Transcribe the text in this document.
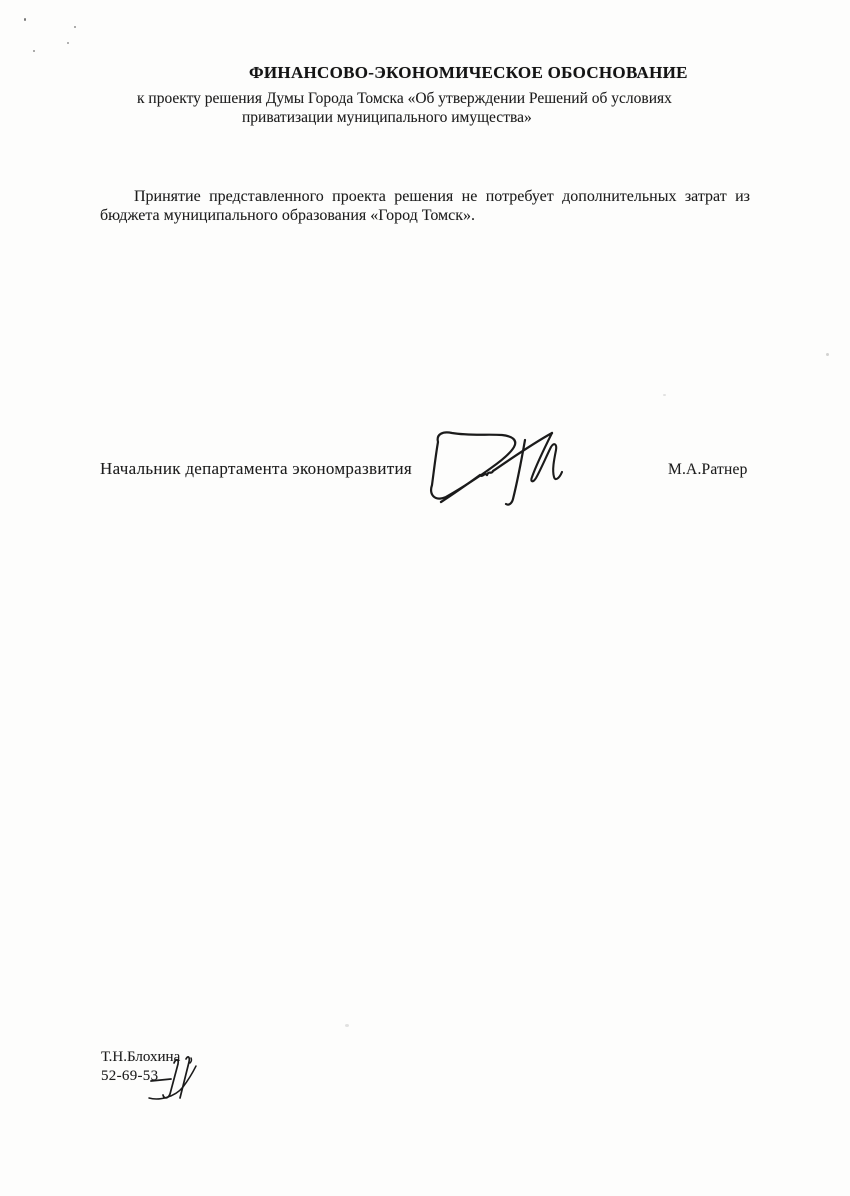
ФИНАНСОВО-ЭКОНОМИЧЕСКОЕ ОБОСНОВАНИЕ
к проекту решения Думы Города Томска «Об утверждении Решений об условиях
приватизации муниципального имущества»
Принятие представленного проекта решения не потребует дополнительных затрат из бюджета муниципального образования «Город Томск».
Начальник департамента экономразвития	М.А.Ратнер
Т.Н.Блохина
52-69-53
